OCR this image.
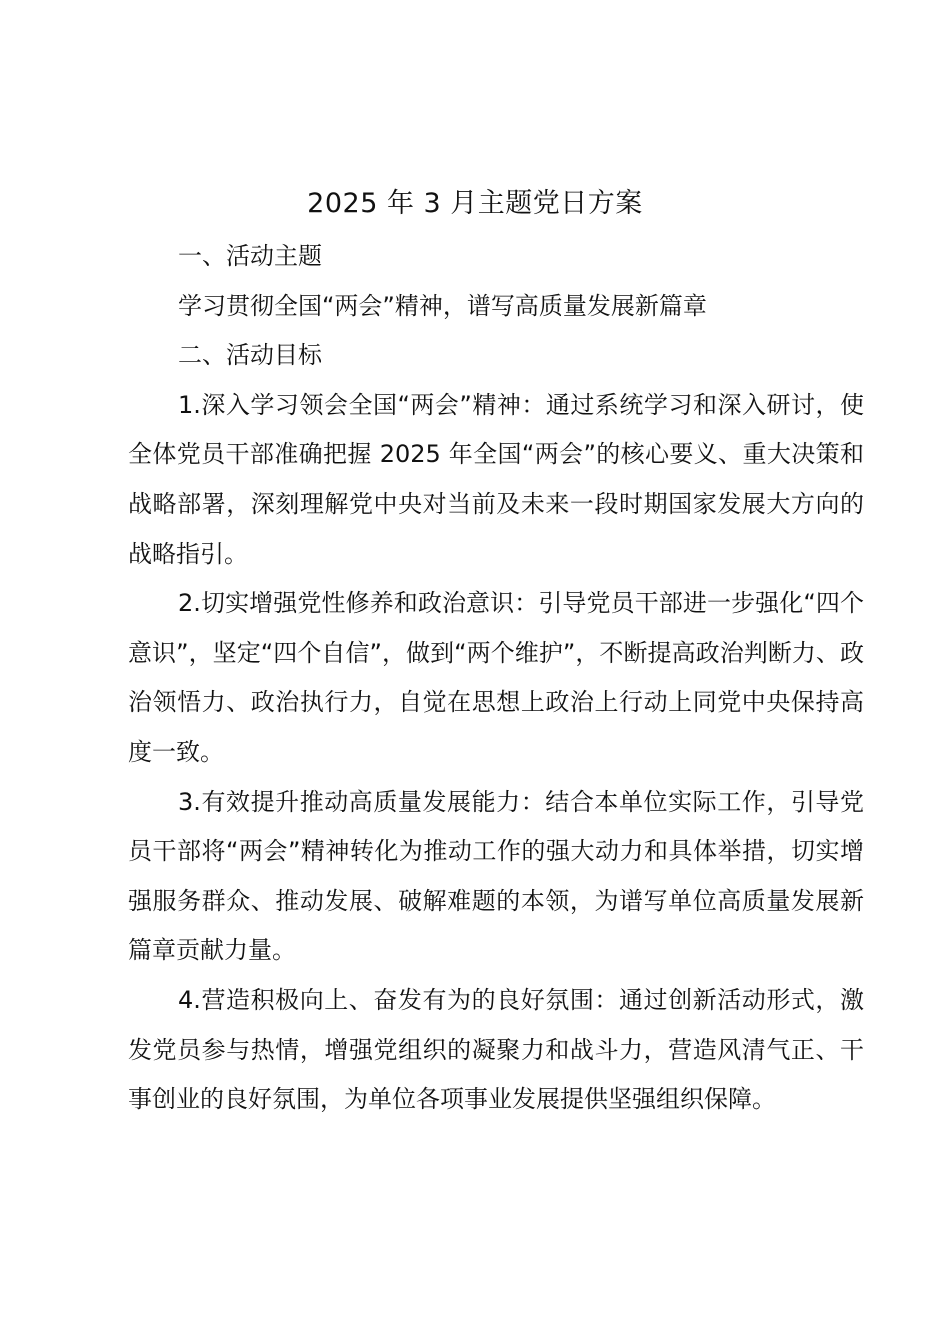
2025 年 3 月主题党日方案

一、活动主题

学习贯彻全国“两会”精神，谱写高质量发展新篇章

二、活动目标

1.深入学习领会全国“两会”精神：通过系统学习和深入研讨，使全体党员干部准确把握 2025 年全国“两会”的核心要义、重大决策和战略部署，深刻理解党中央对当前及未来一段时期国家发展大方向的战略指引。

2.切实增强党性修养和政治意识：引导党员干部进一步强化“四个意识”，坚定“四个自信”，做到“两个维护”，不断提高政治判断力、政治领悟力、政治执行力，自觉在思想上政治上行动上同党中央保持高度一致。

3.有效提升推动高质量发展能力：结合本单位实际工作，引导党员干部将“两会”精神转化为推动工作的强大动力和具体举措，切实增强服务群众、推动发展、破解难题的本领，为谱写单位高质量发展新篇章贡献力量。

4.营造积极向上、奋发有为的良好氛围：通过创新活动形式，激发党员参与热情，增强党组织的凝聚力和战斗力，营造风清气正、干事创业的良好氛围，为单位各项事业发展提供坚强组织保障。
